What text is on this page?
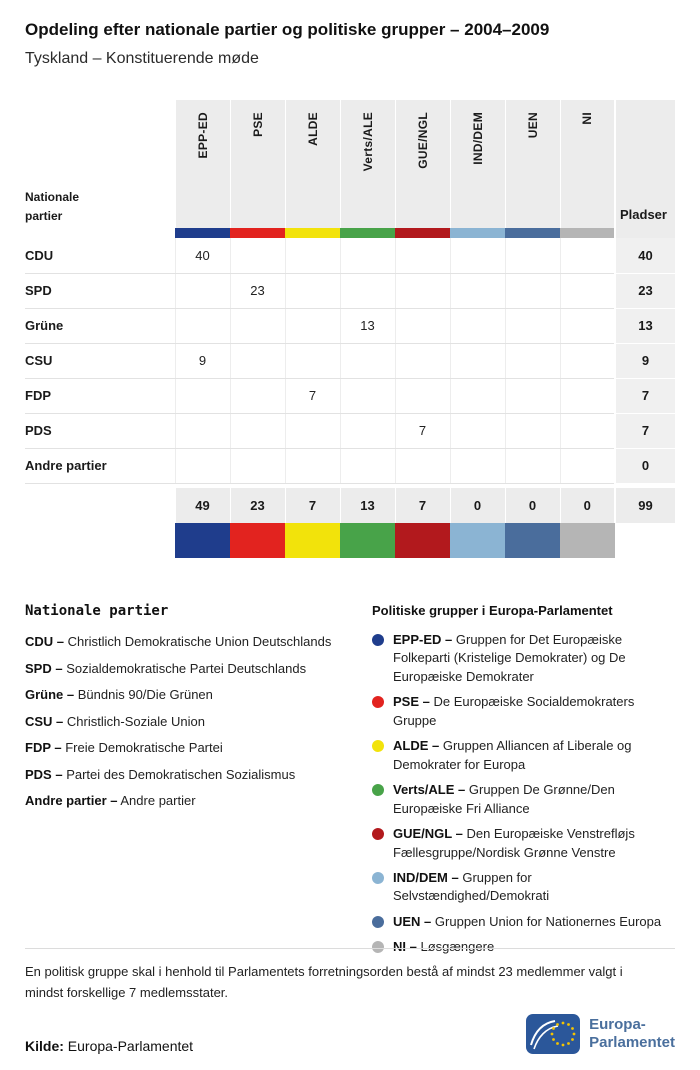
Opdeling efter nationale partier og politiske grupper – 2004–2009
Tyskland – Konstituerende møde
Nationale partier	EPP-ED	PSE	ALDE	Verts/ALE	GUE/NGL	IND/DEM	UEN	NI	Pladser

CDU	40								40
SPD		23							23
Grüne				13					13
CSU	9								9
FDP			7						7
PDS					7				7
Andre partier									0

	49	23	7	13	7	0	0	0	99

Nationale partier
CDU – Christlich Demokratische Union Deutschlands
SPD – Sozialdemokratische Partei Deutschlands
Grüne – Bündnis 90/Die Grünen
CSU – Christlich-Soziale Union
FDP – Freie Demokratische Partei
PDS – Partei des Demokratischen Sozialismus
Andre partier – Andre partier
Politiske grupper i Europa-Parlamentet
EPP-ED – Gruppen for Det Europæiske Folkeparti (Kristelige Demokrater) og De Europæiske Demokrater
PSE – De Europæiske Socialdemokraters Gruppe
ALDE – Gruppen Alliancen af Liberale og Demokrater for Europa
Verts/ALE – Gruppen De Grønne/Den Europæiske Fri Alliance
GUE/NGL – Den Europæiske Venstrefløjs Fællesgruppe/Nordisk Grønne Venstre
IND/DEM – Gruppen for Selvstændighed/Demokrati
UEN – Gruppen Union for Nationernes Europa
NI – Løsgængere
En politisk gruppe skal i henhold til Parlamentets forretningsorden bestå af mindst 23 medlemmer valgt i mindst forskellige 7 medlemsstater.
Kilde: Europa-Parlamentet
Europa-
Parlamentet
